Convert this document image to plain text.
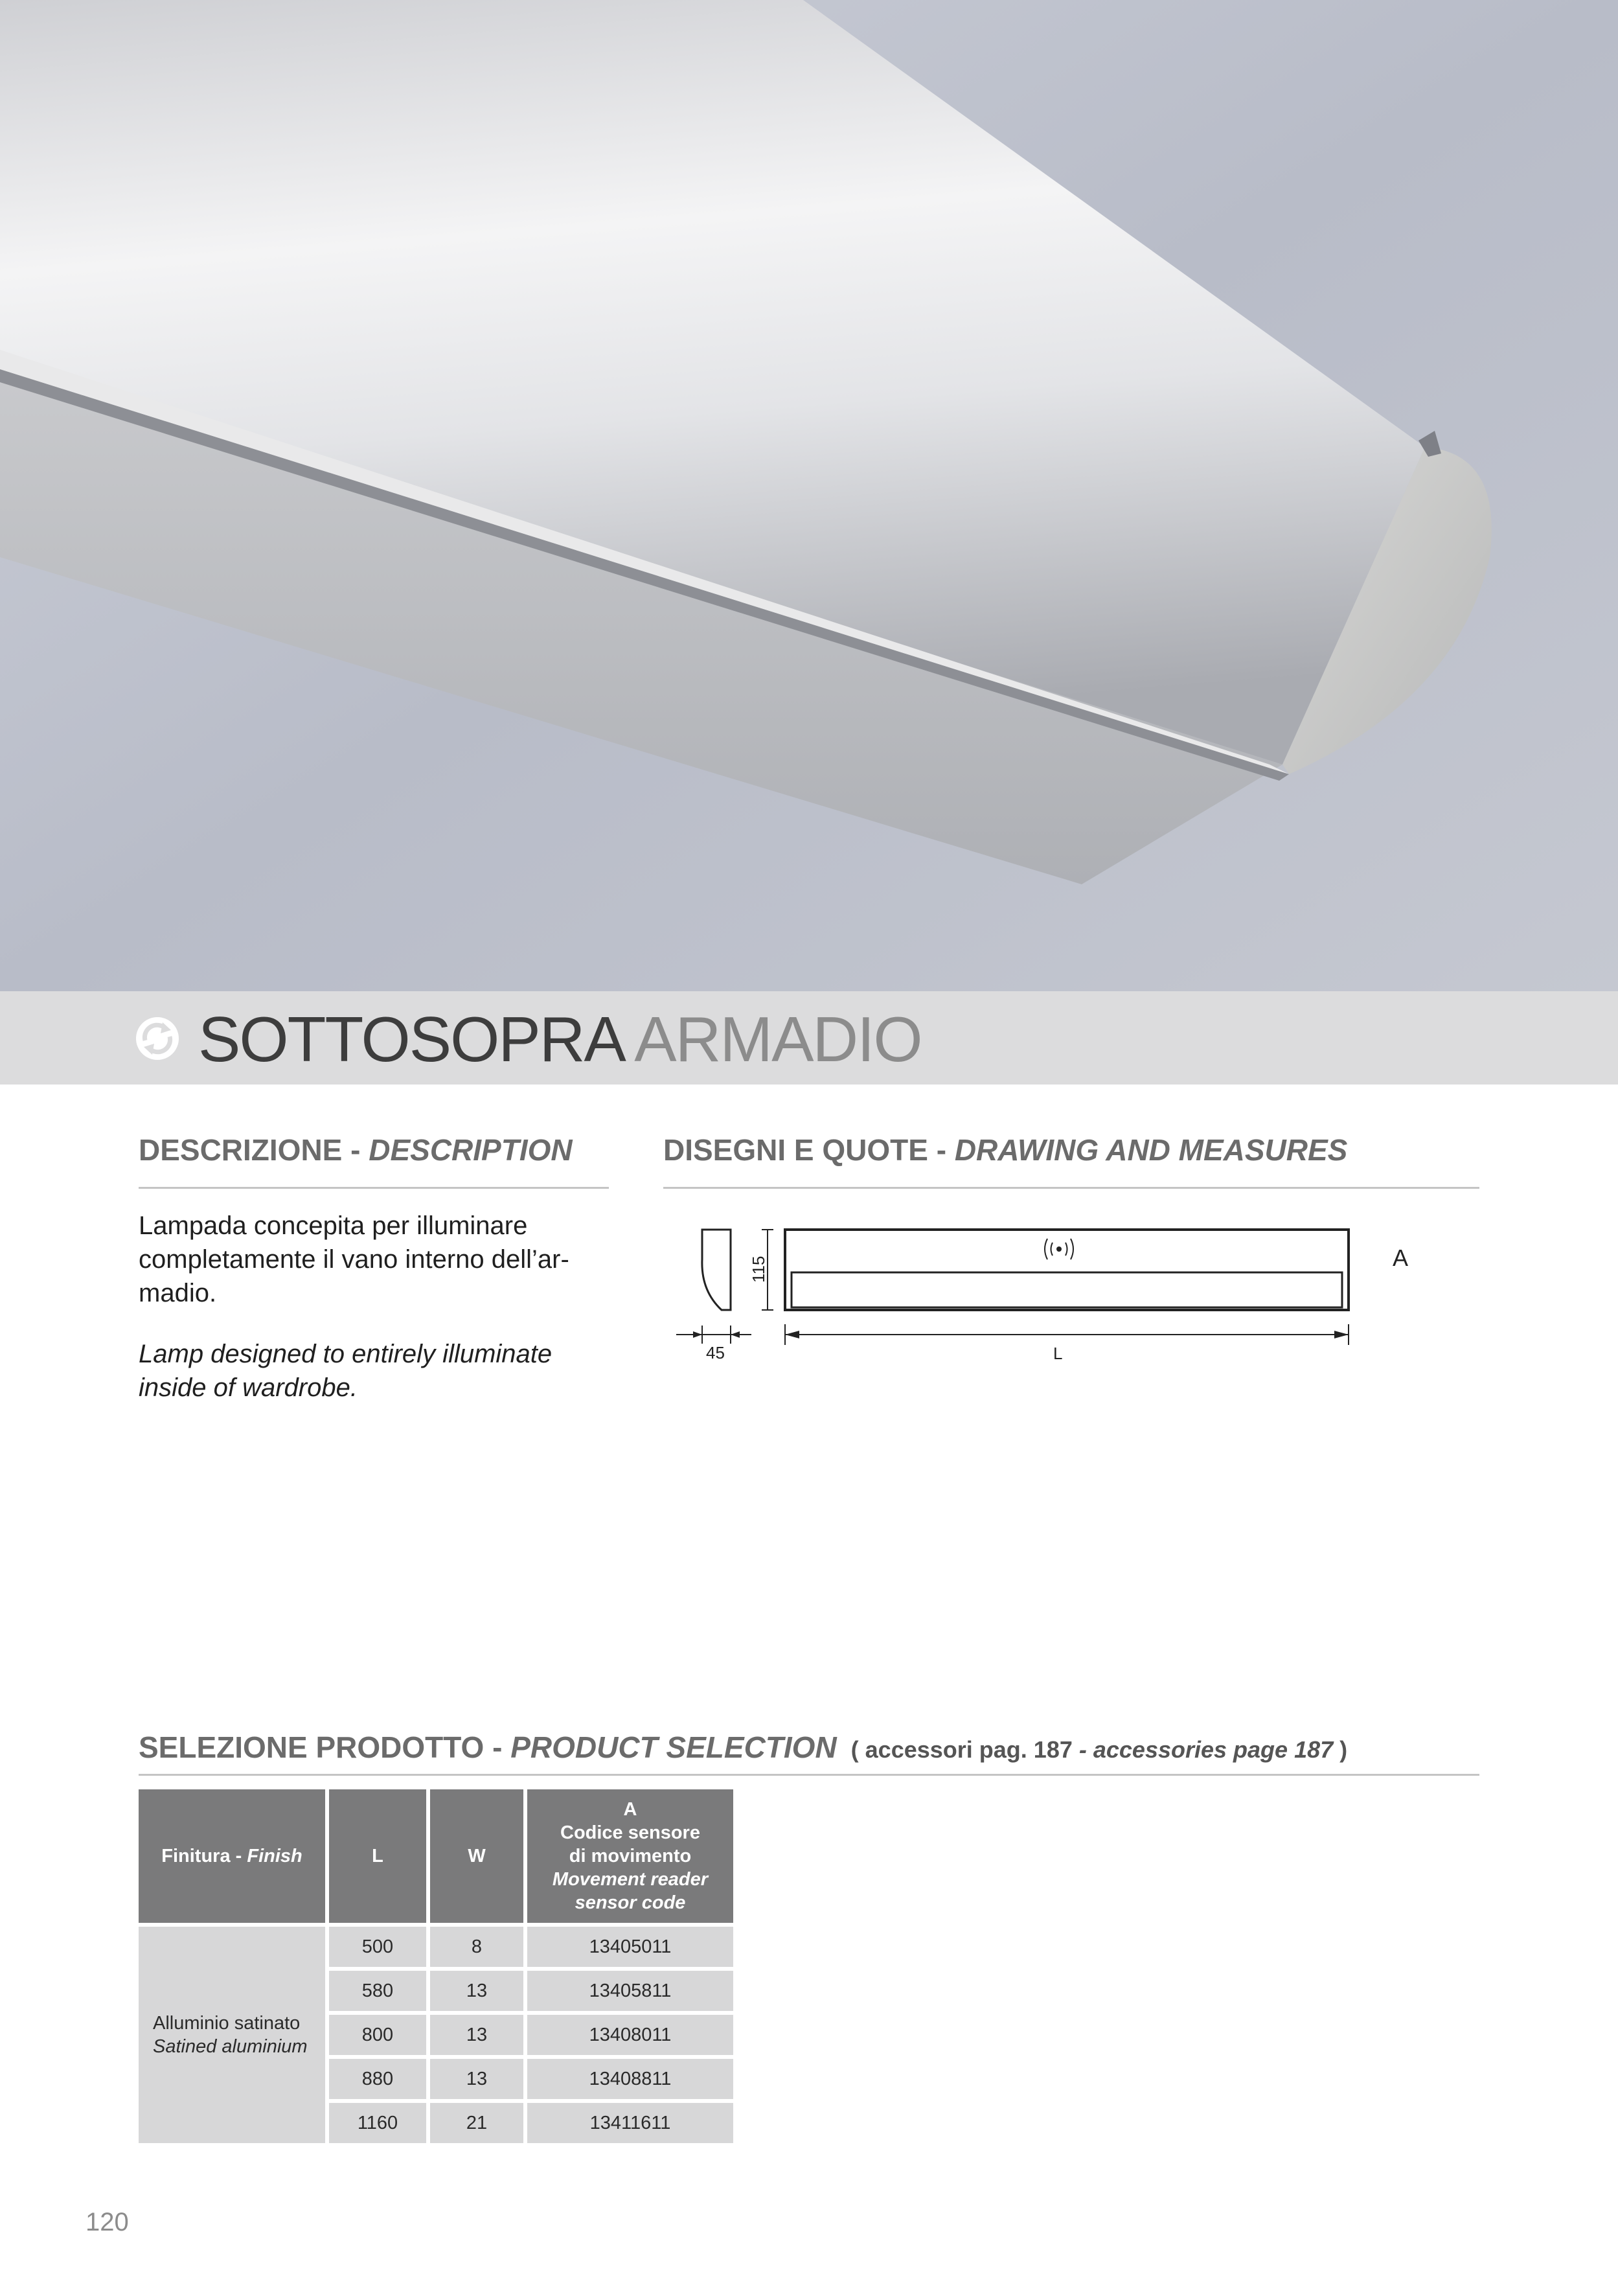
SOTTOSOPRA ARMADIO
DESCRIZIONE - DESCRIPTION
Lampada concepita per illuminare
completamente il vano interno dell’ar-
madio.
Lamp designed to entirely illuminate
inside of wardrobe.
DISEGNI E QUOTE - DRAWING AND MEASURES
115
45	L
A
SELEZIONE PRODOTTO - PRODUCT SELECTION ( accessori pag. 187 - accessories page 187 )
Finitura - Finish	L	W	A
Codice sensore
di movimento
Movement reader
sensor code

Alluminio satinato
Satined aluminium	500	8	13405011
	580	13	13405811
	800	13	13408011
	880	13	13408811
	1160	21	13411611
120
